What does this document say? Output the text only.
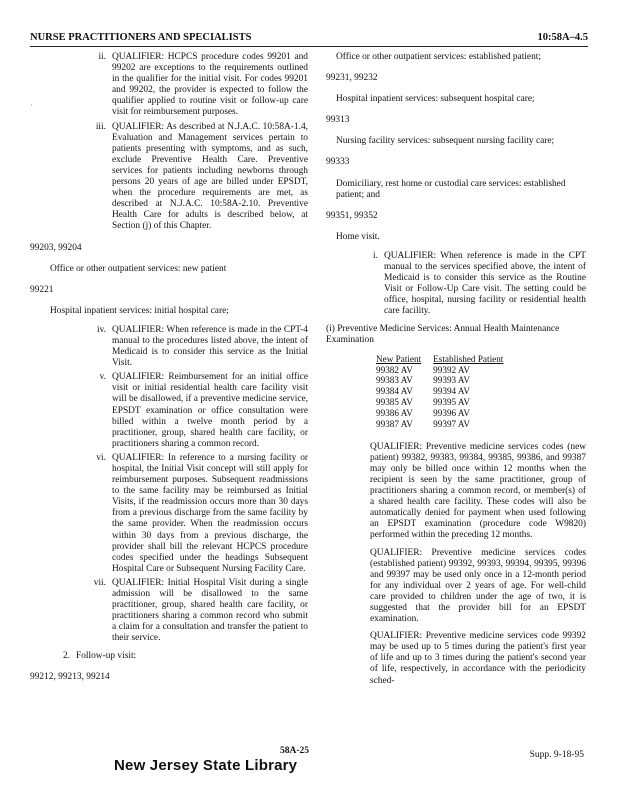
NURSE PRACTITIONERS AND SPECIALISTS	10:58A–4.5
·
ii. QUALIFIER: HCPCS procedure codes 99201 and 99202 are exceptions to the requirements outlined in the qualifier for the initial visit. For codes 99201 and 99202, the provider is expected to follow the qualifier applied to routine visit or follow-up care visit for reimbursement purposes.
iii. QUALIFIER: As described at N.J.A.C. 10:58A-1.4, Evaluation and Management services pertain to patients presenting with symptoms, and as such, exclude Preventive Health Care. Preventive services for patients including newborns through persons 20 years of age are billed under EPSDT, when the procedure requirements are met, as described at N.J.A.C. 10:58A-2.10. Preventive Health Care for adults is described below, at Section (j) of this Chapter.
99203, 99204
Office or other outpatient services: new patient
99221
Hospital inpatient services: initial hospital care;
iv. QUALIFIER: When reference is made in the CPT-4 manual to the procedures listed above, the intent of Medicaid is to consider this service as the Initial Visit.
v. QUALIFIER: Reimbursement for an initial office visit or initial residential health care facility visit will be disallowed, if a preventive medicine service, EPSDT examination or office consultation were billed within a twelve month period by a practitioner, group, shared health care facility, or practitioners sharing a common record.
vi. QUALIFIER: In reference to a nursing facility or hospital, the Initial Visit concept will still apply for reimbursement purposes. Subsequent readmissions to the same facility may be reimbursed as Initial Visits, if the readmission occurs more than 30 days from a previous discharge from the same facility by the same provider. When the readmission occurs within 30 days from a previous discharge, the provider shall bill the relevant HCPCS procedure codes specified under the headings Subsequent Hospital Care or Subsequent Nursing Facility Care.
vii. QUALIFIER: Initial Hospital Visit during a single admission will be disallowed to the same practitioner, group, shared health care facility, or practitioners sharing a common record who submit a claim for a consultation and transfer the patient to their service.
2. Follow-up visit:
99212, 99213, 99214
Office or other outpatient services: established patient;
99231, 99232
Hospital inpatient services: subsequent hospital care;
99313
Nursing facility services: subsequent nursing facility care;
99333
Domiciliary, rest home or custodial care services: established patient; and
99351, 99352
Home visit.
i. QUALIFIER: When reference is made in the CPT manual to the services specified above, the intent of Medicaid is to consider this service as the Routine Visit or Follow-Up Care visit. The setting could be office, hospital, nursing facility or residential health care facility.
(i) Preventive Medicine Services: Annual Health Maintenance Examination
New Patient	Established Patient
99382 AV	99392 AV
99383 AV	99393 AV
99384 AV	99394 AV
99385 AV	99395 AV
99386 AV	99396 AV
99387 AV	99397 AV
QUALIFIER: Preventive medicine services codes (new patient) 99382, 99383, 99384, 99385, 99386, and 99387 may only be billed once within 12 months when the recipient is seen by the same practitioner, group of practitioners sharing a common record, or member(s) of a shared health care facility. These codes will also be automatically denied for payment when used following an EPSDT examination (procedure code W9820) performed within the preceding 12 months.
QUALIFIER: Preventive medicine services codes (established patient) 99392, 99393, 99394, 99395, 99396 and 99397 may be used only once in a 12-month period for any individual over 2 years of age. For well-child care provided to children under the age of two, it is suggested that the provider bill for an EPSDT examination.
QUALIFIER: Preventive medicine services code 99392 may be used up to 5 times during the patient's first year of life and up to 3 times during the patient's second year of life, respectively, in accordance with the periodicity sched-
58A-25	Supp. 9-18-95
New Jersey State Library
